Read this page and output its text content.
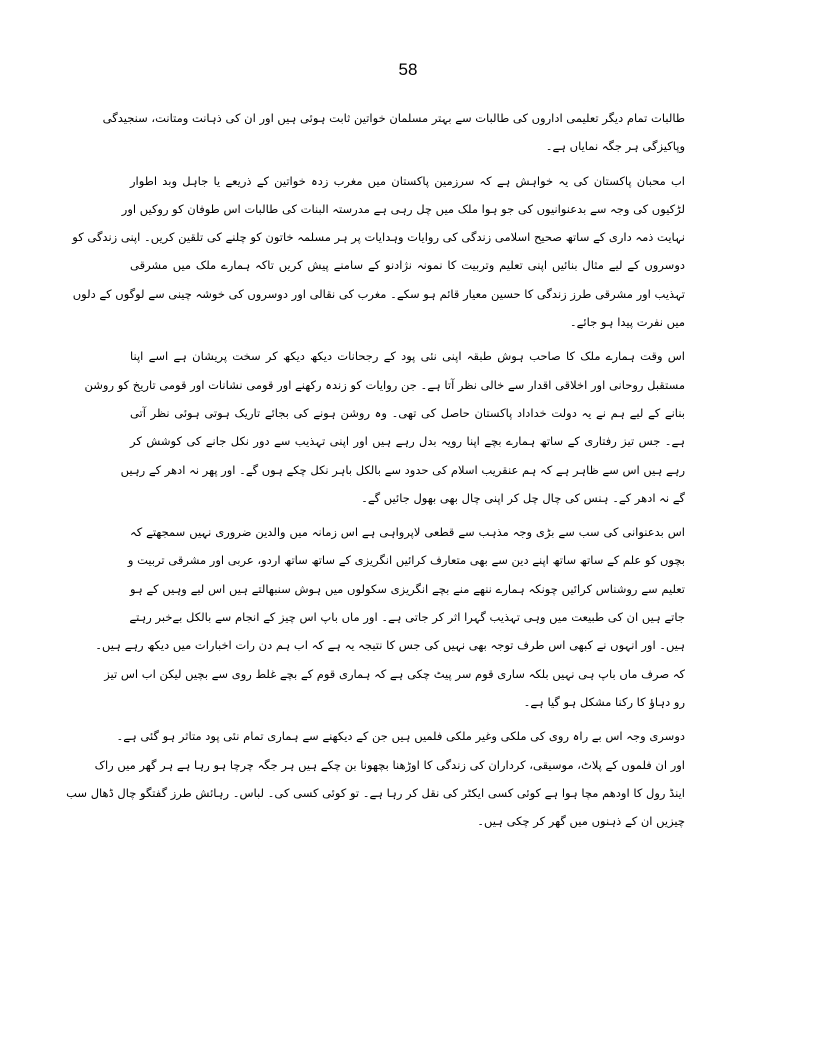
58
طالبات تمام دیگر تعلیمی اداروں کی طالبات سے بہتر مسلمان خواتین ثابت ہوئی ہیں اور ان کی ذہانت ومتانت، سنجیدگی
وپاکیزگی ہر جگہ نمایاں ہے۔
اب محبان پاکستان کی یہ خواہش ہے کہ سرزمین پاکستان میں مغرب زدہ خواتین کے ذریعے یا جاہل وبد اطوار
لڑکیوں کی وجہ سے بدعنوانیوں کی جو ہوا ملک میں چل رہی ہے مدرستہ البنات کی طالبات اس طوفان کو روکیں اور
نہایت ذمہ داری کے ساتھ صحیح اسلامی زندگی کی روایات وہدایات پر ہر مسلمہ خاتون کو چلنے کی تلقین کریں۔ اپنی زندگی کو
دوسروں کے لیے مثال بنائیں اپنی تعلیم وتربیت کا نمونہ نژادنو کے سامنے پیش کریں تاکہ ہمارے ملک میں مشرقی
تہذیب اور مشرقی طرز زندگی کا حسین معیار قائم ہو سکے۔ مغرب کی نقالی اور دوسروں کی خوشہ چینی سے لوگوں کے دلوں
میں نفرت پیدا ہو جائے۔
اس وقت ہمارے ملک کا صاحب ہوش طبقہ اپنی نئی پود کے رجحانات دیکھ دیکھ کر سخت پریشان ہے اسے اپنا
مستقبل روحانی اور اخلاقی اقدار سے خالی نظر آتا ہے۔ جن روایات کو زندہ رکھنے اور قومی نشانات اور قومی تاریخ کو روشن
بنانے کے لیے ہم نے یہ دولت خداداد پاکستان حاصل کی تھی۔ وہ روشن ہونے کی بجائے تاریک ہوتی ہوئی نظر آتی
ہے۔ جس تیز رفتاری کے ساتھ ہمارے بچے اپنا رویہ بدل رہے ہیں اور اپنی تہذیب سے دور نکل جانے کی کوشش کر
رہے ہیں اس سے ظاہر ہے کہ ہم عنقریب اسلام کی حدود سے بالکل باہر نکل چکے ہوں گے۔ اور پھر نہ ادھر کے رہیں
گے نہ ادھر کے۔ ہنس کی چال چل کر اپنی چال بھی بھول جائیں گے۔
اس بدعنوانی کی سب سے بڑی وجہ مذہب سے قطعی لاپرواہی ہے اس زمانہ میں والدین ضروری نہیں سمجھتے کہ
بچوں کو علم کے ساتھ ساتھ اپنے دین سے بھی متعارف کرائیں انگریزی کے ساتھ ساتھ اردو، عربی اور مشرقی تربیت و
تعلیم سے روشناس کرائیں چونکہ ہمارے ننھے منے بچے انگریزی سکولوں میں ہوش سنبھالتے ہیں اس لیے وہیں کے ہو
جاتے ہیں ان کی طبیعت میں وہی تہذیب گہرا اثر کر جاتی ہے۔ اور ماں باپ اس چیز کے انجام سے بالکل بےخبر رہتے
ہیں۔ اور انہوں نے کبھی اس طرف توجہ بھی نہیں کی جس کا نتیجہ یہ ہے کہ اب ہم دن رات اخبارات میں دیکھ رہے ہیں۔
کہ صرف ماں باپ ہی نہیں بلکہ ساری قوم سر پیٹ چکی ہے کہ ہماری قوم کے بچے غلط روی سے بچیں لیکن اب اس تیز
رو دہاؤ کا رکنا مشکل ہو گیا ہے۔
دوسری وجہ اس بے راہ روی کی ملکی وغیر ملکی فلمیں ہیں جن کے دیکھنے سے ہماری تمام نئی پود متاثر ہو گئی ہے۔
اور ان فلموں کے پلاٹ، موسیقی، کرداران کی زندگی کا اوڑھنا بچھونا بن چکے ہیں ہر جگہ چرچا ہو رہا ہے ہر گھر میں راک
اینڈ رول کا اودھم مچا ہوا ہے کوئی کسی ایکٹر کی نقل کر رہا ہے۔ تو کوئی کسی کی۔ لباس۔ رہائش طرز گفتگو چال ڈھال سب
چیزیں ان کے ذہنوں میں گھر کر چکی ہیں۔
